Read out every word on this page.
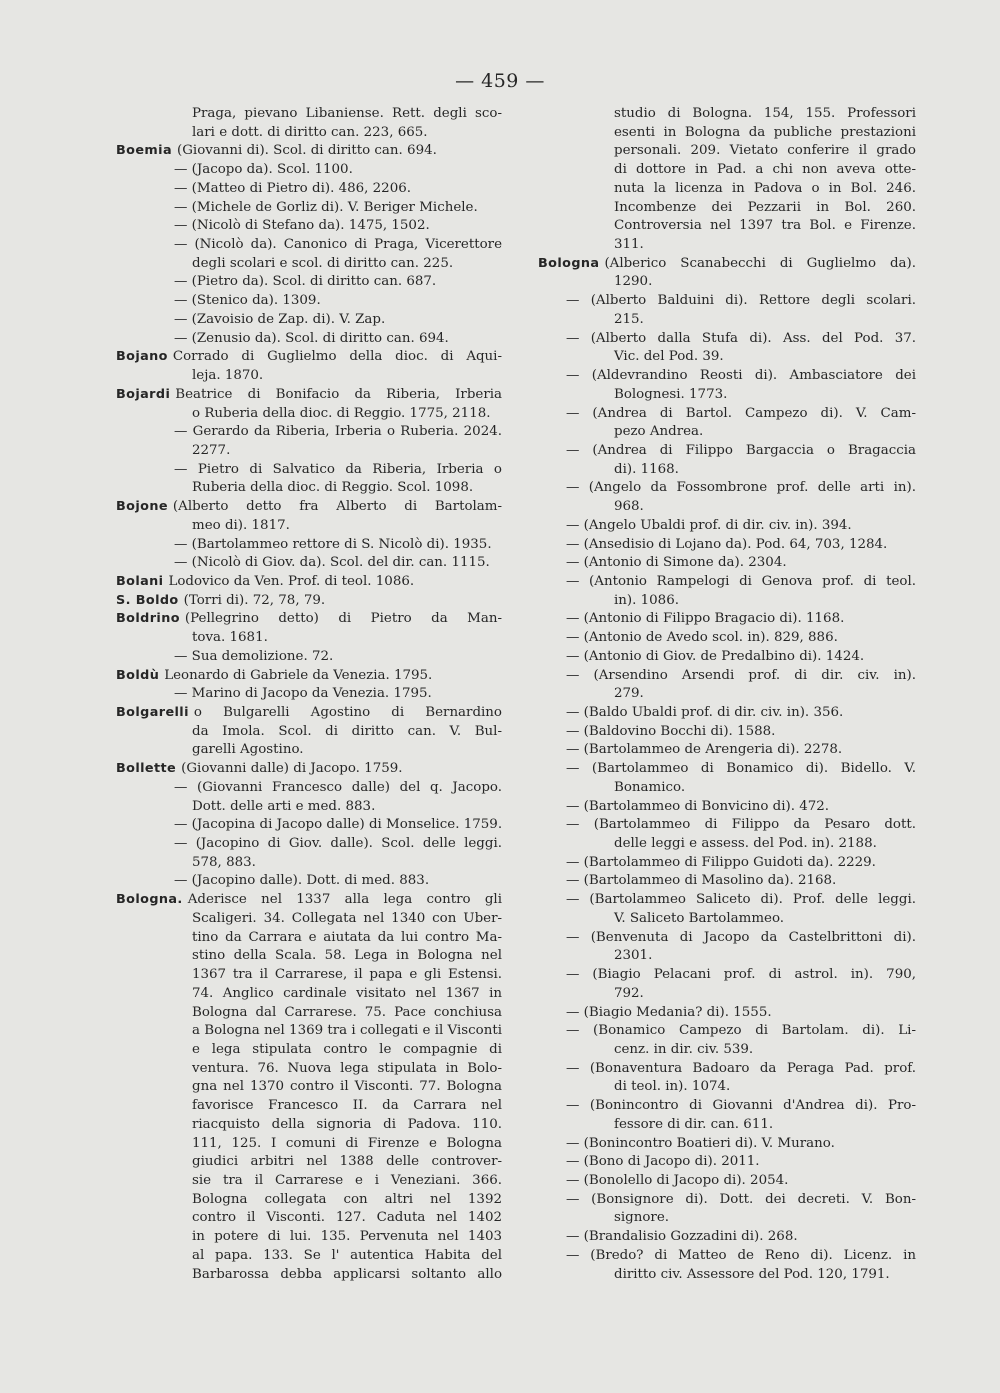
— 459 —
Praga, pievano Libaniense. Rett. degli sco-
lari e dott. di diritto can. 223, 665.
Boemia (Giovanni di). Scol. di diritto can. 694.
— (Jacopo da). Scol. 1100.
— (Matteo di Pietro di). 486, 2206.
— (Michele de Gorliz di). V. Beriger Michele.
— (Nicolò di Stefano da). 1475, 1502.
— (Nicolò da). Canonico di Praga, Vicerettore
degli scolari e scol. di diritto can. 225.
— (Pietro da). Scol. di diritto can. 687.
— (Stenico da). 1309.
— (Zavoisio de Zap. di). V. Zap.
— (Zenusio da). Scol. di diritto can. 694.
Bojano Corrado di Guglielmo della dioc. di Aqui-
leja. 1870.
Bojardi Beatrice di Bonifacio da Riberia, Irberia
o Ruberia della dioc. di Reggio. 1775, 2118.
— Gerardo da Riberia, Irberia o Ruberia. 2024.
2277.
— Pietro di Salvatico da Riberia, Irberia o
Ruberia della dioc. di Reggio. Scol. 1098.
Bojone (Alberto detto fra Alberto di Bartolam-
meo di). 1817.
— (Bartolammeo rettore di S. Nicolò di). 1935.
— (Nicolò di Giov. da). Scol. del dir. can. 1115.
Bolani Lodovico da Ven. Prof. di teol. 1086.
S. Boldo (Torri di). 72, 78, 79.
Boldrino (Pellegrino detto) di Pietro da Man-
tova. 1681.
— Sua demolizione. 72.
Boldù Leonardo di Gabriele da Venezia. 1795.
— Marino di Jacopo da Venezia. 1795.
Bolgarelli o Bulgarelli Agostino di Bernardino
da Imola. Scol. di diritto can. V. Bul-
garelli Agostino.
Bollette (Giovanni dalle) di Jacopo. 1759.
— (Giovanni Francesco dalle) del q. Jacopo.
Dott. delle arti e med. 883.
— (Jacopina di Jacopo dalle) di Monselice. 1759.
— (Jacopino di Giov. dalle). Scol. delle leggi.
578, 883.
— (Jacopino dalle). Dott. di med. 883.
Bologna. Aderisce nel 1337 alla lega contro gli
Scaligeri. 34. Collegata nel 1340 con Uber-
tino da Carrara e aiutata da lui contro Ma-
stino della Scala. 58. Lega in Bologna nel
1367 tra il Carrarese, il papa e gli Estensi.
74. Anglico cardinale visitato nel 1367 in
Bologna dal Carrarese. 75. Pace conchiusa
a Bologna nel 1369 tra i collegati e il Visconti
e lega stipulata contro le compagnie di
ventura. 76. Nuova lega stipulata in Bolo-
gna nel 1370 contro il Visconti. 77. Bologna
favorisce Francesco II. da Carrara nel
riacquisto della signoria di Padova. 110.
111, 125. I comuni di Firenze e Bologna
giudici arbitri nel 1388 delle controver-
sie tra il Carrarese e i Veneziani. 366.
Bologna collegata con altri nel 1392
contro il Visconti. 127. Caduta nel 1402
in potere di lui. 135. Pervenuta nel 1403
al papa. 133. Se l' autentica Habita del
Barbarossa debba applicarsi soltanto allo
studio di Bologna. 154, 155. Professori
esenti in Bologna da publiche prestazioni
personali. 209. Vietato conferire il grado
di dottore in Pad. a chi non aveva otte-
nuta la licenza in Padova o in Bol. 246.
Incombenze dei Pezzarii in Bol. 260.
Controversia nel 1397 tra Bol. e Firenze.
311.
Bologna (Alberico Scanabecchi di Guglielmo da).
1290.
— (Alberto Balduini di). Rettore degli scolari.
215.
— (Alberto dalla Stufa di). Ass. del Pod. 37.
Vic. del Pod. 39.
— (Aldevrandino Reosti di). Ambasciatore dei
Bolognesi. 1773.
— (Andrea di Bartol. Campezo di). V. Cam-
pezo Andrea.
— (Andrea di Filippo Bargaccia o Bragaccia
di). 1168.
— (Angelo da Fossombrone prof. delle arti in).
968.
— (Angelo Ubaldi prof. di dir. civ. in). 394.
— (Ansedisio di Lojano da). Pod. 64, 703, 1284.
— (Antonio di Simone da). 2304.
— (Antonio Rampelogi di Genova prof. di teol.
in). 1086.
— (Antonio di Filippo Bragacio di). 1168.
— (Antonio de Avedo scol. in). 829, 886.
— (Antonio di Giov. de Predalbino di). 1424.
— (Arsendino Arsendi prof. di dir. civ. in).
279.
— (Baldo Ubaldi prof. di dir. civ. in). 356.
— (Baldovino Bocchi di). 1588.
— (Bartolammeo de Arengeria di). 2278.
— (Bartolammeo di Bonamico di). Bidello. V.
Bonamico.
— (Bartolammeo di Bonvicino di). 472.
— (Bartolammeo di Filippo da Pesaro dott.
delle leggi e assess. del Pod. in). 2188.
— (Bartolammeo di Filippo Guidoti da). 2229.
— (Bartolammeo di Masolino da). 2168.
— (Bartolammeo Saliceto di). Prof. delle leggi.
V. Saliceto Bartolammeo.
— (Benvenuta di Jacopo da Castelbrittoni di).
2301.
— (Biagio Pelacani prof. di astrol. in). 790,
792.
— (Biagio Medania? di). 1555.
— (Bonamico Campezo di Bartolam. di). Li-
cenz. in dir. civ. 539.
— (Bonaventura Badoaro da Peraga Pad. prof.
di teol. in). 1074.
— (Bonincontro di Giovanni d'Andrea di). Pro-
fessore di dir. can. 611.
— (Bonincontro Boatieri di). V. Murano.
— (Bono di Jacopo di). 2011.
— (Bonolello di Jacopo di). 2054.
— (Bonsignore di). Dott. dei decreti. V. Bon-
signore.
— (Brandalisio Gozzadini di). 268.
— (Bredo? di Matteo de Reno di). Licenz. in
diritto civ. Assessore del Pod. 120, 1791.
